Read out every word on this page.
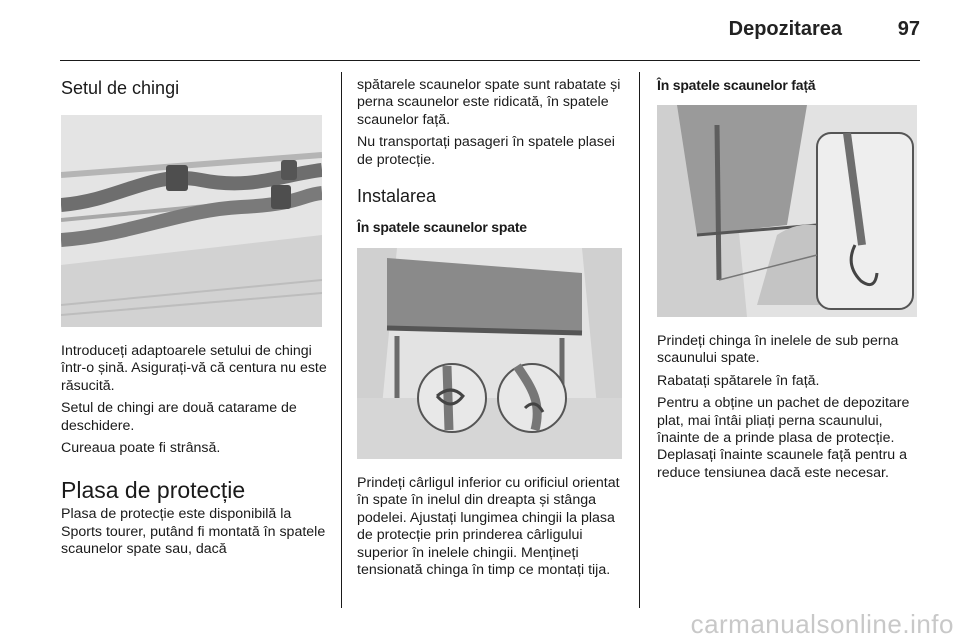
Depozitarea	97
Setul de chingi

Introduceți adaptoarele setului de chingi într-o șină. Asigurați-vă că centura nu este răsucită.

Setul de chingi are două catarame de deschidere.

Cureaua poate fi strânsă.

Plasa de protecție

Plasa de protecție este disponibilă la Sports tourer, putând fi montată în spatele scaunelor spate sau, dacă

spătarele scaunelor spate sunt rabatate și perna scaunelor este ridicată, în spatele scaunelor față.

Nu transportați pasageri în spatele plasei de protecție.

Instalarea
În spatele scaunelor spate

Prindeți cârligul inferior cu orificiul orientat în spate în inelul din dreapta și stânga podelei. Ajustați lungimea chingii la plasa de protecție prin prinderea cârligului superior în inelele chingii. Mențineți tensionată chinga în timp ce montați tija.

În spatele scaunelor față

Prindeți chinga în inelele de sub perna scaunului spate.

Rabatați spătarele în față.

Pentru a obține un pachet de depozitare plat, mai întâi pliați perna scaunului, înainte de a prinde plasa de protecție. Deplasați înainte scaunele față pentru a reduce tensiunea dacă este necesar.

carmanualsonline.info
